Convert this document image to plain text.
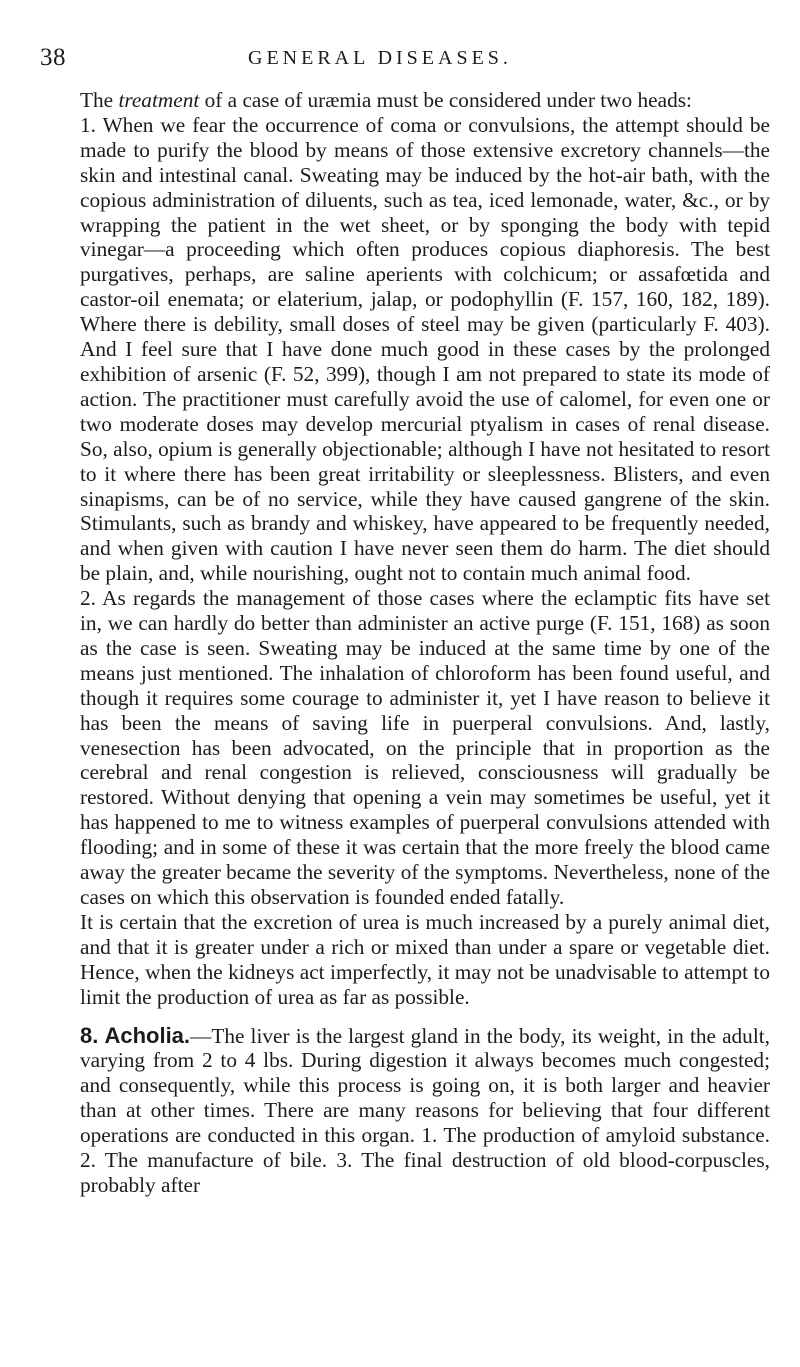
38	GENERAL DISEASES.

The treatment of a case of uræmia must be considered under two heads:

1. When we fear the occurrence of coma or convulsions, the attempt should be made to purify the blood by means of those extensive excretory channels—the skin and intestinal canal. Sweating may be induced by the hot-air bath, with the copious administration of diluents, such as tea, iced lemonade, water, &c., or by wrapping the patient in the wet sheet, or by sponging the body with tepid vinegar—a proceeding which often produces copious diaphoresis. The best purgatives, perhaps, are saline aperients with colchicum; or assafœtida and castor-oil enemata; or elaterium, jalap, or podophyllin (F. 157, 160, 182, 189). Where there is debility, small doses of steel may be given (particularly F. 403). And I feel sure that I have done much good in these cases by the prolonged exhibition of arsenic (F. 52, 399), though I am not prepared to state its mode of action. The practitioner must carefully avoid the use of calomel, for even one or two moderate doses may develop mercurial ptyalism in cases of renal disease. So, also, opium is generally objectionable; although I have not hesitated to resort to it where there has been great irritability or sleeplessness. Blisters, and even sinapisms, can be of no service, while they have caused gangrene of the skin. Stimulants, such as brandy and whiskey, have appeared to be frequently needed, and when given with caution I have never seen them do harm. The diet should be plain, and, while nourishing, ought not to contain much animal food.

2. As regards the management of those cases where the eclamptic fits have set in, we can hardly do better than administer an active purge (F. 151, 168) as soon as the case is seen. Sweating may be induced at the same time by one of the means just mentioned. The inhalation of chloroform has been found useful, and though it requires some courage to administer it, yet I have reason to believe it has been the means of saving life in puerperal convulsions. And, lastly, venesection has been advocated, on the principle that in proportion as the cerebral and renal congestion is relieved, consciousness will gradually be restored. Without denying that opening a vein may sometimes be useful, yet it has happened to me to witness examples of puerperal convulsions attended with flooding; and in some of these it was certain that the more freely the blood came away the greater became the severity of the symptoms. Nevertheless, none of the cases on which this observation is founded ended fatally.

It is certain that the excretion of urea is much increased by a purely animal diet, and that it is greater under a rich or mixed than under a spare or vegetable diet. Hence, when the kidneys act imperfectly, it may not be unadvisable to attempt to limit the production of urea as far as possible.

8. Acholia.—The liver is the largest gland in the body, its weight, in the adult, varying from 2 to 4 lbs. During digestion it always becomes much congested; and consequently, while this process is going on, it is both larger and heavier than at other times. There are many reasons for believing that four different operations are conducted in this organ. 1. The production of amyloid substance. 2. The manufacture of bile. 3. The final destruction of old blood-corpuscles, probably after
